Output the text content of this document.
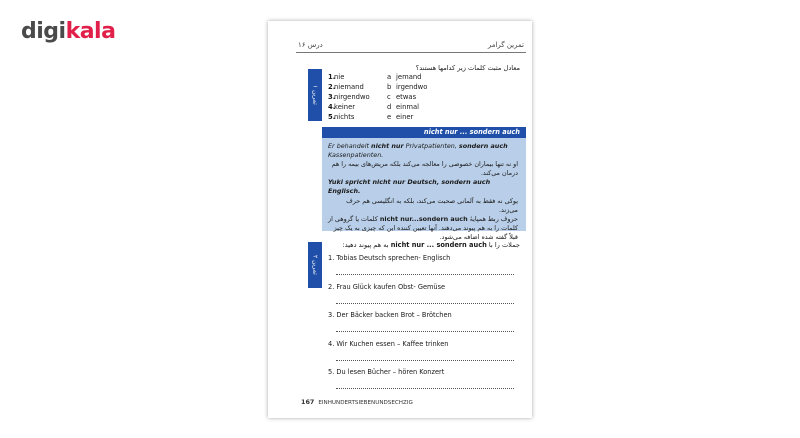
digikala
تمرین گرامر
درس ۱۶
تمرین ۱
معادل مثبت کلمات زیر کدامها هستند؟
1.
nie	a jemand
2.
niemand	b irgendwo
3.
nirgendwo	c etwas
4.
keiner	d einmal
5.
nichts	e einer
nicht nur ... sondern auch
Er behandelt nicht nur Privatpatienten, sondern auch Kassenpatienten.
او نه تنها بیماران خصوصی را معالجه می‌کند بلکه مریض‌های بیمه را هم درمان می‌کند.
Yuki spricht nicht nur Deutsch, sondern auch Englisch.
یوکی نه فقط به آلمانی صحبت می‌کند، بلکه به انگلیسی هم حرف می‌زند.
حروف ربط همپایهٔ nicht nur...sondern auch کلمات یا گروهی از کلمات را به هم پیوند می‌دهند. آنها تعیین کننده این که چیزی به یک چیز قبلاً گفته شده اضافه می‌شود.
تمرین ۲
جملات را با nicht nur ... sondern auch به هم پیوند دهید:
1. Tobias Deutsch sprechen- Englisch
2. Frau Glück kaufen Obst- Gemüse
3. Der Bäcker backen Brot – Brötchen
4. Wir Kuchen essen – Kaffee trinken
5. Du lesen Bücher – hören Konzert
167 EINHUNDERTSIEBENUNDSECHZIG
